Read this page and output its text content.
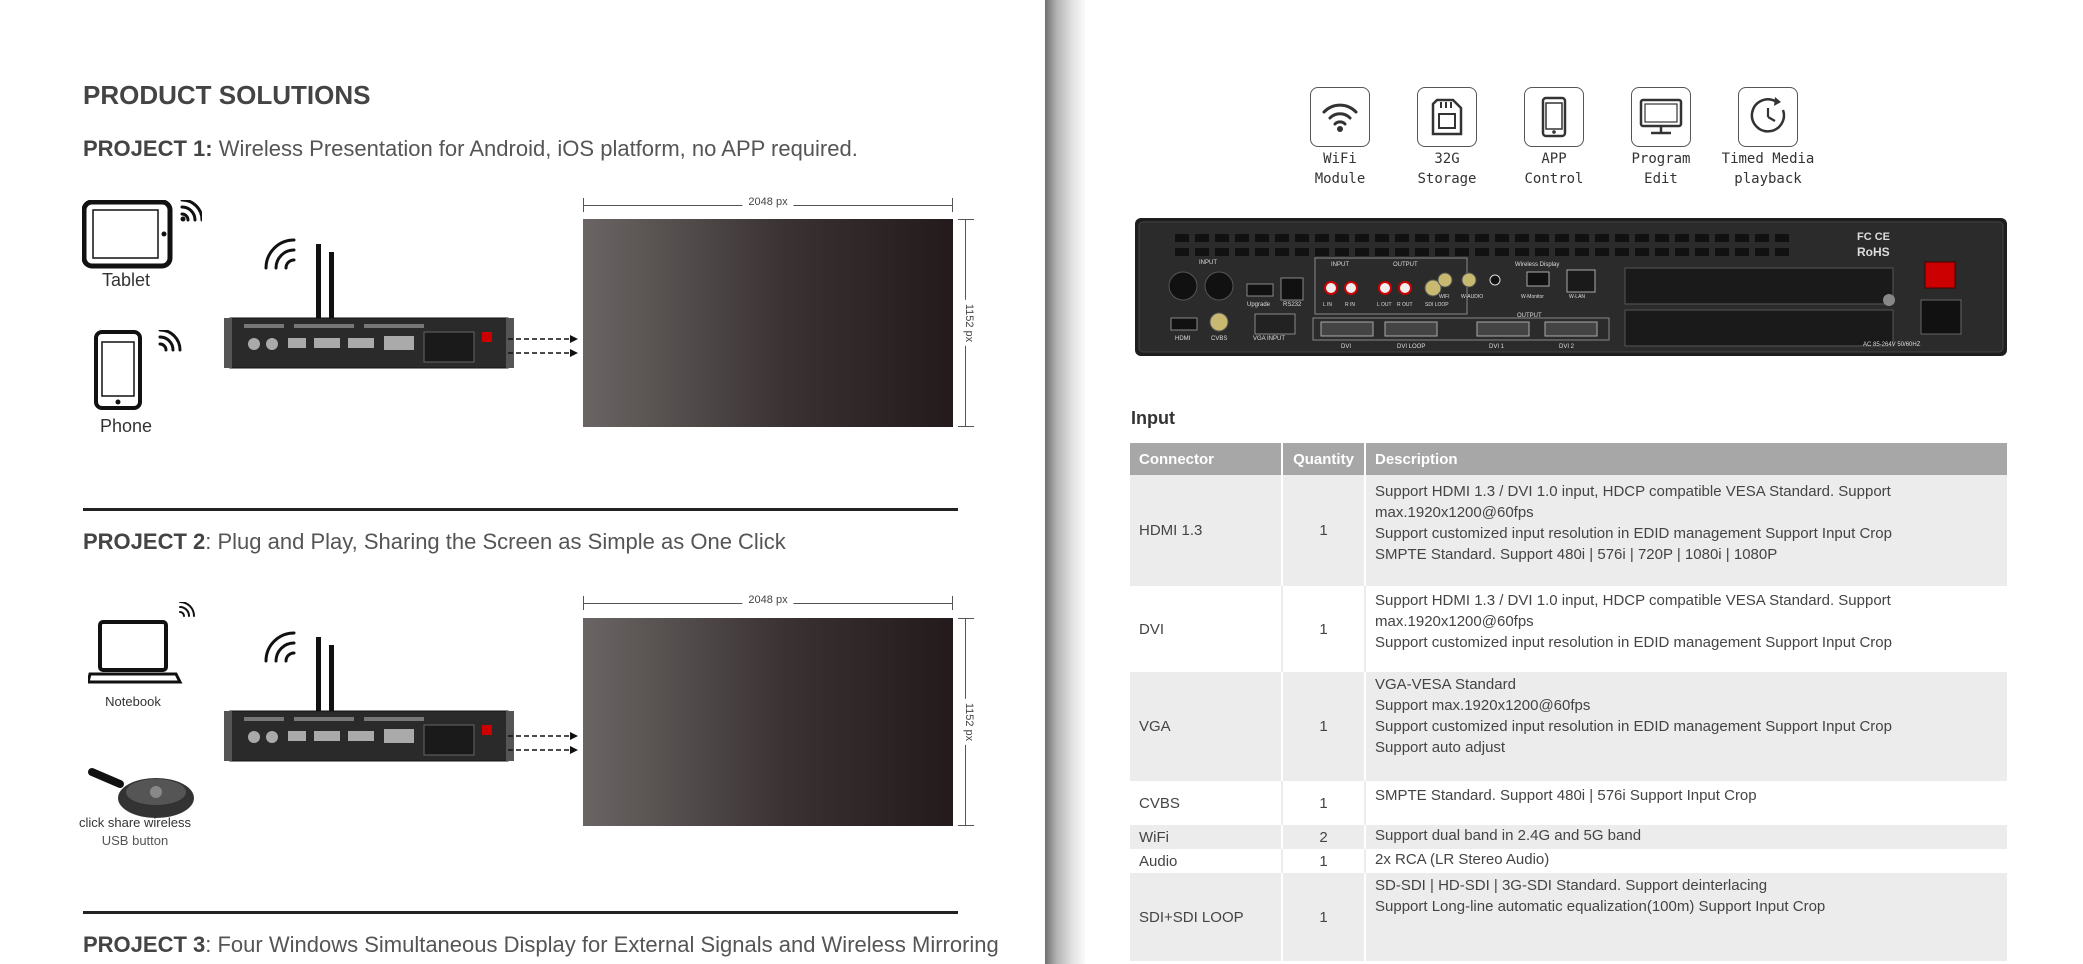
PRODUCT SOLUTIONS
PROJECT 1: Wireless Presentation for Android, iOS platform, no APP required.
Tablet
Phone
2048 px
1152 px
PROJECT 2: Plug and Play, Sharing the Screen as Simple as One Click
Notebook
click share wireless
USB button
2048 px
1152 px
PROJECT 3: Four Windows Simultaneous Display for External Signals and Wireless Mirroring
WiFi
Module
32G
Storage
APP
Control
Program
Edit
Timed Media
playback
HDMI	CVBS
INPUT
Upgrade RS232
VGA INPUT
INPUT	OUTPUT
L IN	R IN	L OUT R OUT SDI LOOP
DVI	DVI LOOP	DVI 1	DVI 2
OUTPUT
Wireless Display
WIFI W-AUDIO	W-Monitor	W-LAN
FC CE
RoHS
AC 85-264V 50/60HZ
Input
Connector	Quantity	Description
HDMI 1.3	1	Support HDMI 1.3 / DVI 1.0 input, HDCP compatible VESA Standard. Support max.1920x1200@60fps
Support customized input resolution in EDID management Support Input Crop
SMPTE Standard. Support 480i | 576i | 720P | 1080i | 1080P

DVI	1	Support HDMI 1.3 / DVI 1.0 input, HDCP compatible VESA Standard. Support max.1920x1200@60fps
Support customized input resolution in EDID management Support Input Crop

VGA	1	VGA-VESA Standard
Support max.1920x1200@60fps
Support customized input resolution in EDID management Support Input Crop
Support auto adjust

CVBS	1	SMPTE Standard. Support 480i | 576i Support Input Crop

WiFi	2	Support dual band in 2.4G and 5G band

Audio	1	2x RCA (LR Stereo Audio)

SDI+SDI LOOP	1	SD-SDI | HD-SDI | 3G-SDI Standard. Support deinterlacing
Support Long-line automatic equalization(100m) Support Input Crop
